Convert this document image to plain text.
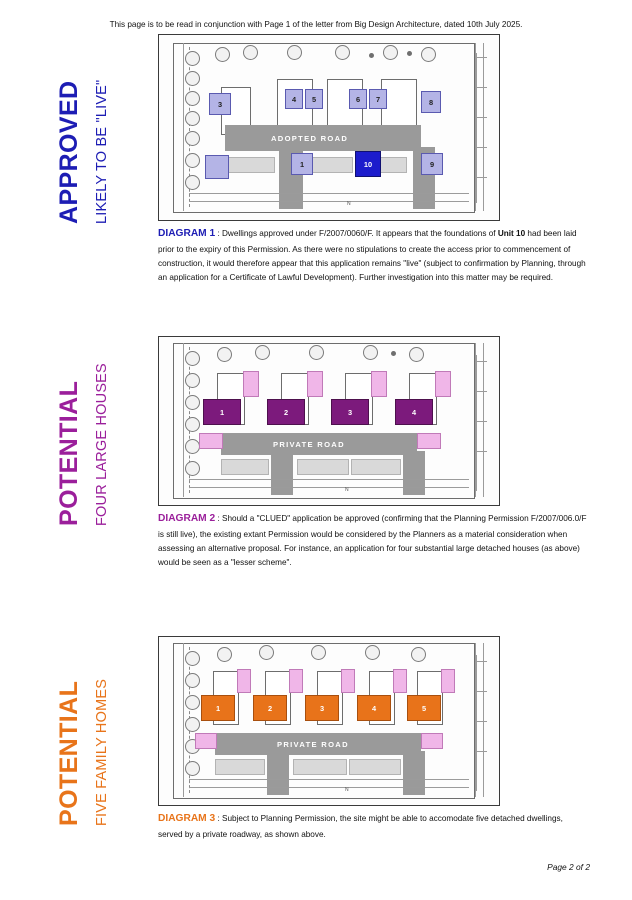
This page is to be read in conjunction with Page 1 of the letter from Big Design Architecture, dated 10th July 2025.
APPROVED LIKELY TO BE "LIVE"	ADOPTED ROAD
3
4	5	6	7	8
1	10	9
N
DIAGRAM 1 : Dwellings approved under F/2007/0060/F. It appears that the foundations of Unit 10 had been laid prior to the expiry of this Permission. As there were no stipulations to create the access prior to commencement of construction, it would therefore appear that this application remains "live" (subject to confirmation by Planning, through an application for a Certificate of Lawful Development). Further investigation into this matter may be required.
POTENTIAL FOUR LARGE HOUSES	1	2	3	4
PRIVATE ROAD
N
DIAGRAM 2 : Should a "CLUED" application be approved (confirming that the Planning Permission F/2007/006.0/F is still live), the existing extant Permission would be considered by the Planners as a material consideration when assessing an alternative proposal. For instance, an application for four substantial large detached houses (as above) would be seen as a "lesser scheme".
POTENTIAL FIVE FAMILY HOMES	1	2	3	4	5
PRIVATE ROAD
N
DIAGRAM 3 : Subject to Planning Permission, the site might be able to accomodate five detached dwellings, served by a private roadway, as shown above.
Page 2 of 2
